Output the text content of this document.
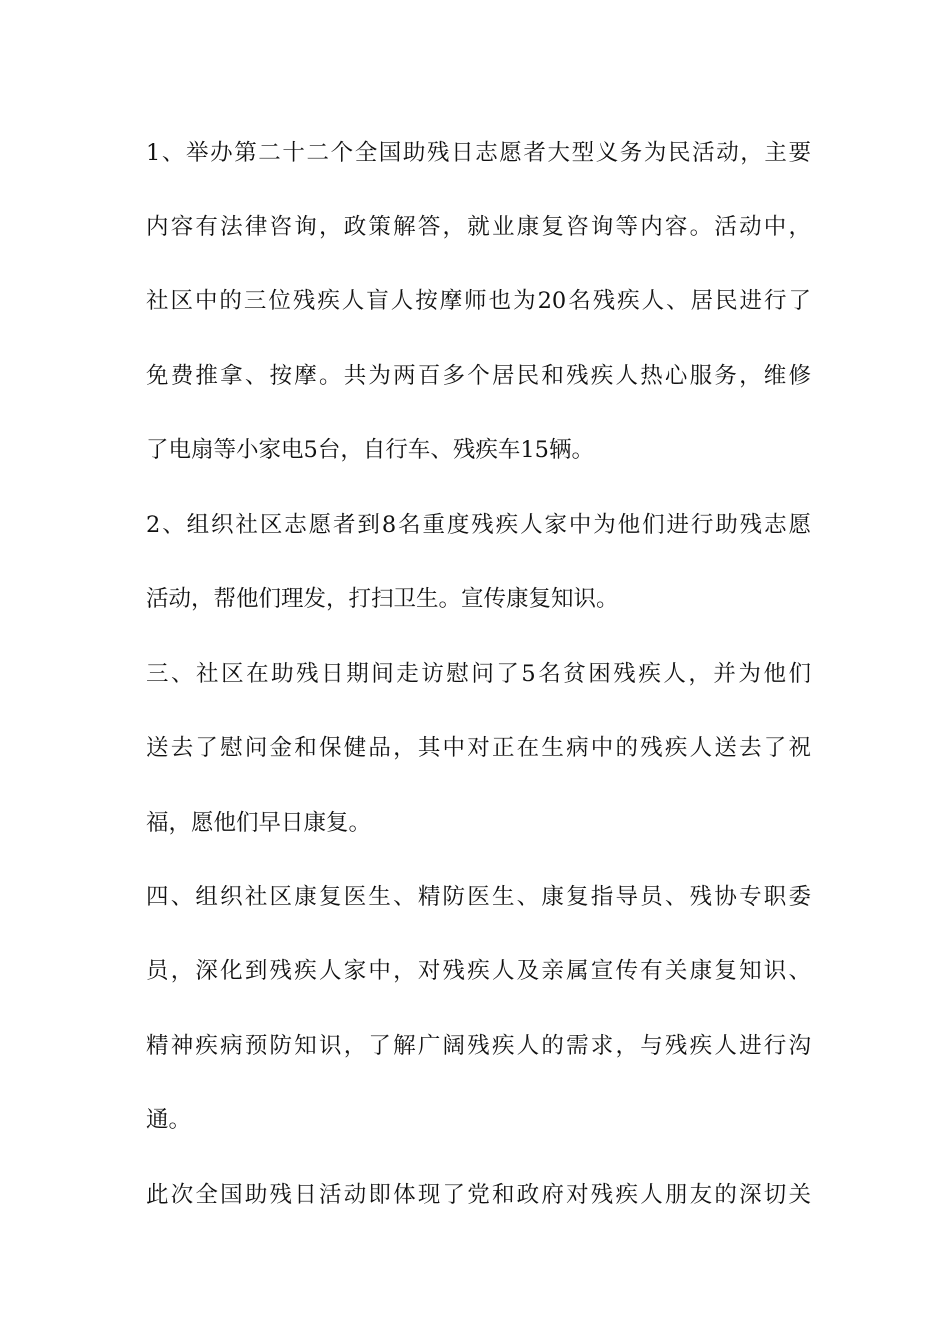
1、举办第二十二个全国助残日志愿者大型义务为民活动，主要
内容有法律咨询，政策解答，就业康复咨询等内容。活动中，
社区中的三位残疾人盲人按摩师也为20名残疾人、居民进行了
免费推拿、按摩。共为两百多个居民和残疾人热心服务，维修
了电扇等小家电5台，自行车、残疾车15辆。
2、组织社区志愿者到8名重度残疾人家中为他们进行助残志愿
活动，帮他们理发，打扫卫生。宣传康复知识。
三、社区在助残日期间走访慰问了5名贫困残疾人，并为他们
送去了慰问金和保健品，其中对正在生病中的残疾人送去了祝
福，愿他们早日康复。
四、组织社区康复医生、精防医生、康复指导员、残协专职委
员，深化到残疾人家中，对残疾人及亲属宣传有关康复知识、
精神疾病预防知识，了解广阔残疾人的需求，与残疾人进行沟
通。
此次全国助残日活动即体现了党和政府对残疾人朋友的深切关
